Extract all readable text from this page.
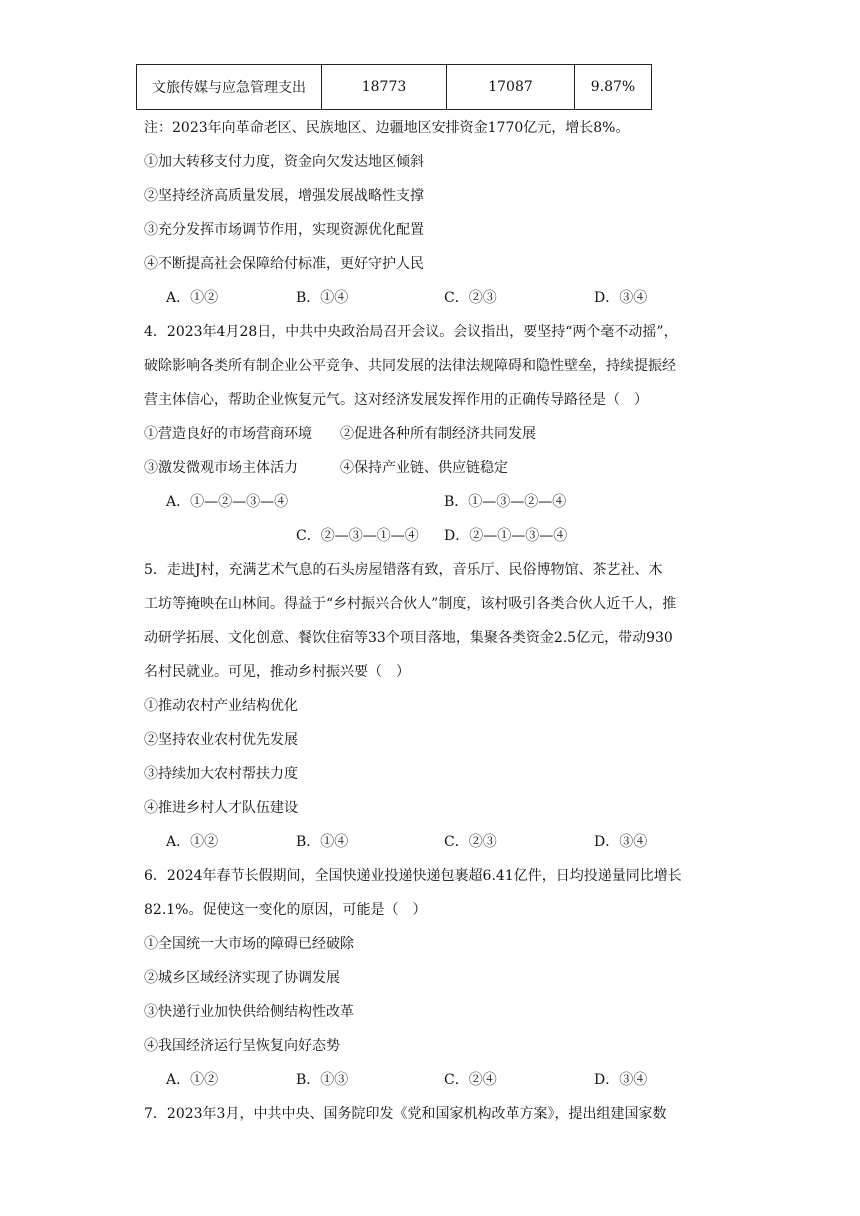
文旅传媒与应急管理支出	18773	17087	9.87%
注：2023年向革命老区、民族地区、边疆地区安排资金1770亿元，增长8%。
①加大转移支付力度，资金向欠发达地区倾斜
②坚持经济高质量发展，增强发展战略性支撑
③充分发挥市场调节作用，实现资源优化配置
④不断提高社会保障给付标准，更好守护人民
A．①②	B．①④	C．②③	D．③④
4．2023年4月28日，中共中央政治局召开会议。会议指出，要坚持“两个毫不动摇”，
破除影响各类所有制企业公平竞争、共同发展的法律法规障碍和隐性壁垒，持续提振经
营主体信心，帮助企业恢复元气。这对经济发展发挥作用的正确传导路径是（　）
①营造良好的市场营商环境　　②促进各种所有制经济共同发展
③激发微观市场主体活力　　　④保持产业链、供应链稳定
A．①—②—③—④	B．①—③—②—④
C．②—③—①—④ D．②—①—③—④
5．走进J村，充满艺术气息的石头房屋错落有致，音乐厅、民俗博物馆、茶艺社、木
工坊等掩映在山林间。得益于“乡村振兴合伙人”制度，该村吸引各类合伙人近千人，推
动研学拓展、文化创意、餐饮住宿等33个项目落地，集聚各类资金2.5亿元，带动930
名村民就业。可见，推动乡村振兴要（　）
①推动农村产业结构优化
②坚持农业农村优先发展
③持续加大农村帮扶力度
④推进乡村人才队伍建设
A．①②	B．①④	C．②③	D．③④
6．2024年春节长假期间，全国快递业投递快递包裹超6.41亿件，日均投递量同比增长
82.1%。促使这一变化的原因，可能是（　）
①全国统一大市场的障碍已经破除
②城乡区域经济实现了协调发展
③快递行业加快供给侧结构性改革
④我国经济运行呈恢复向好态势
A．①②	B．①③	C．②④	D．③④
7．2023年3月，中共中央、国务院印发《党和国家机构改革方案》，提出组建国家数
